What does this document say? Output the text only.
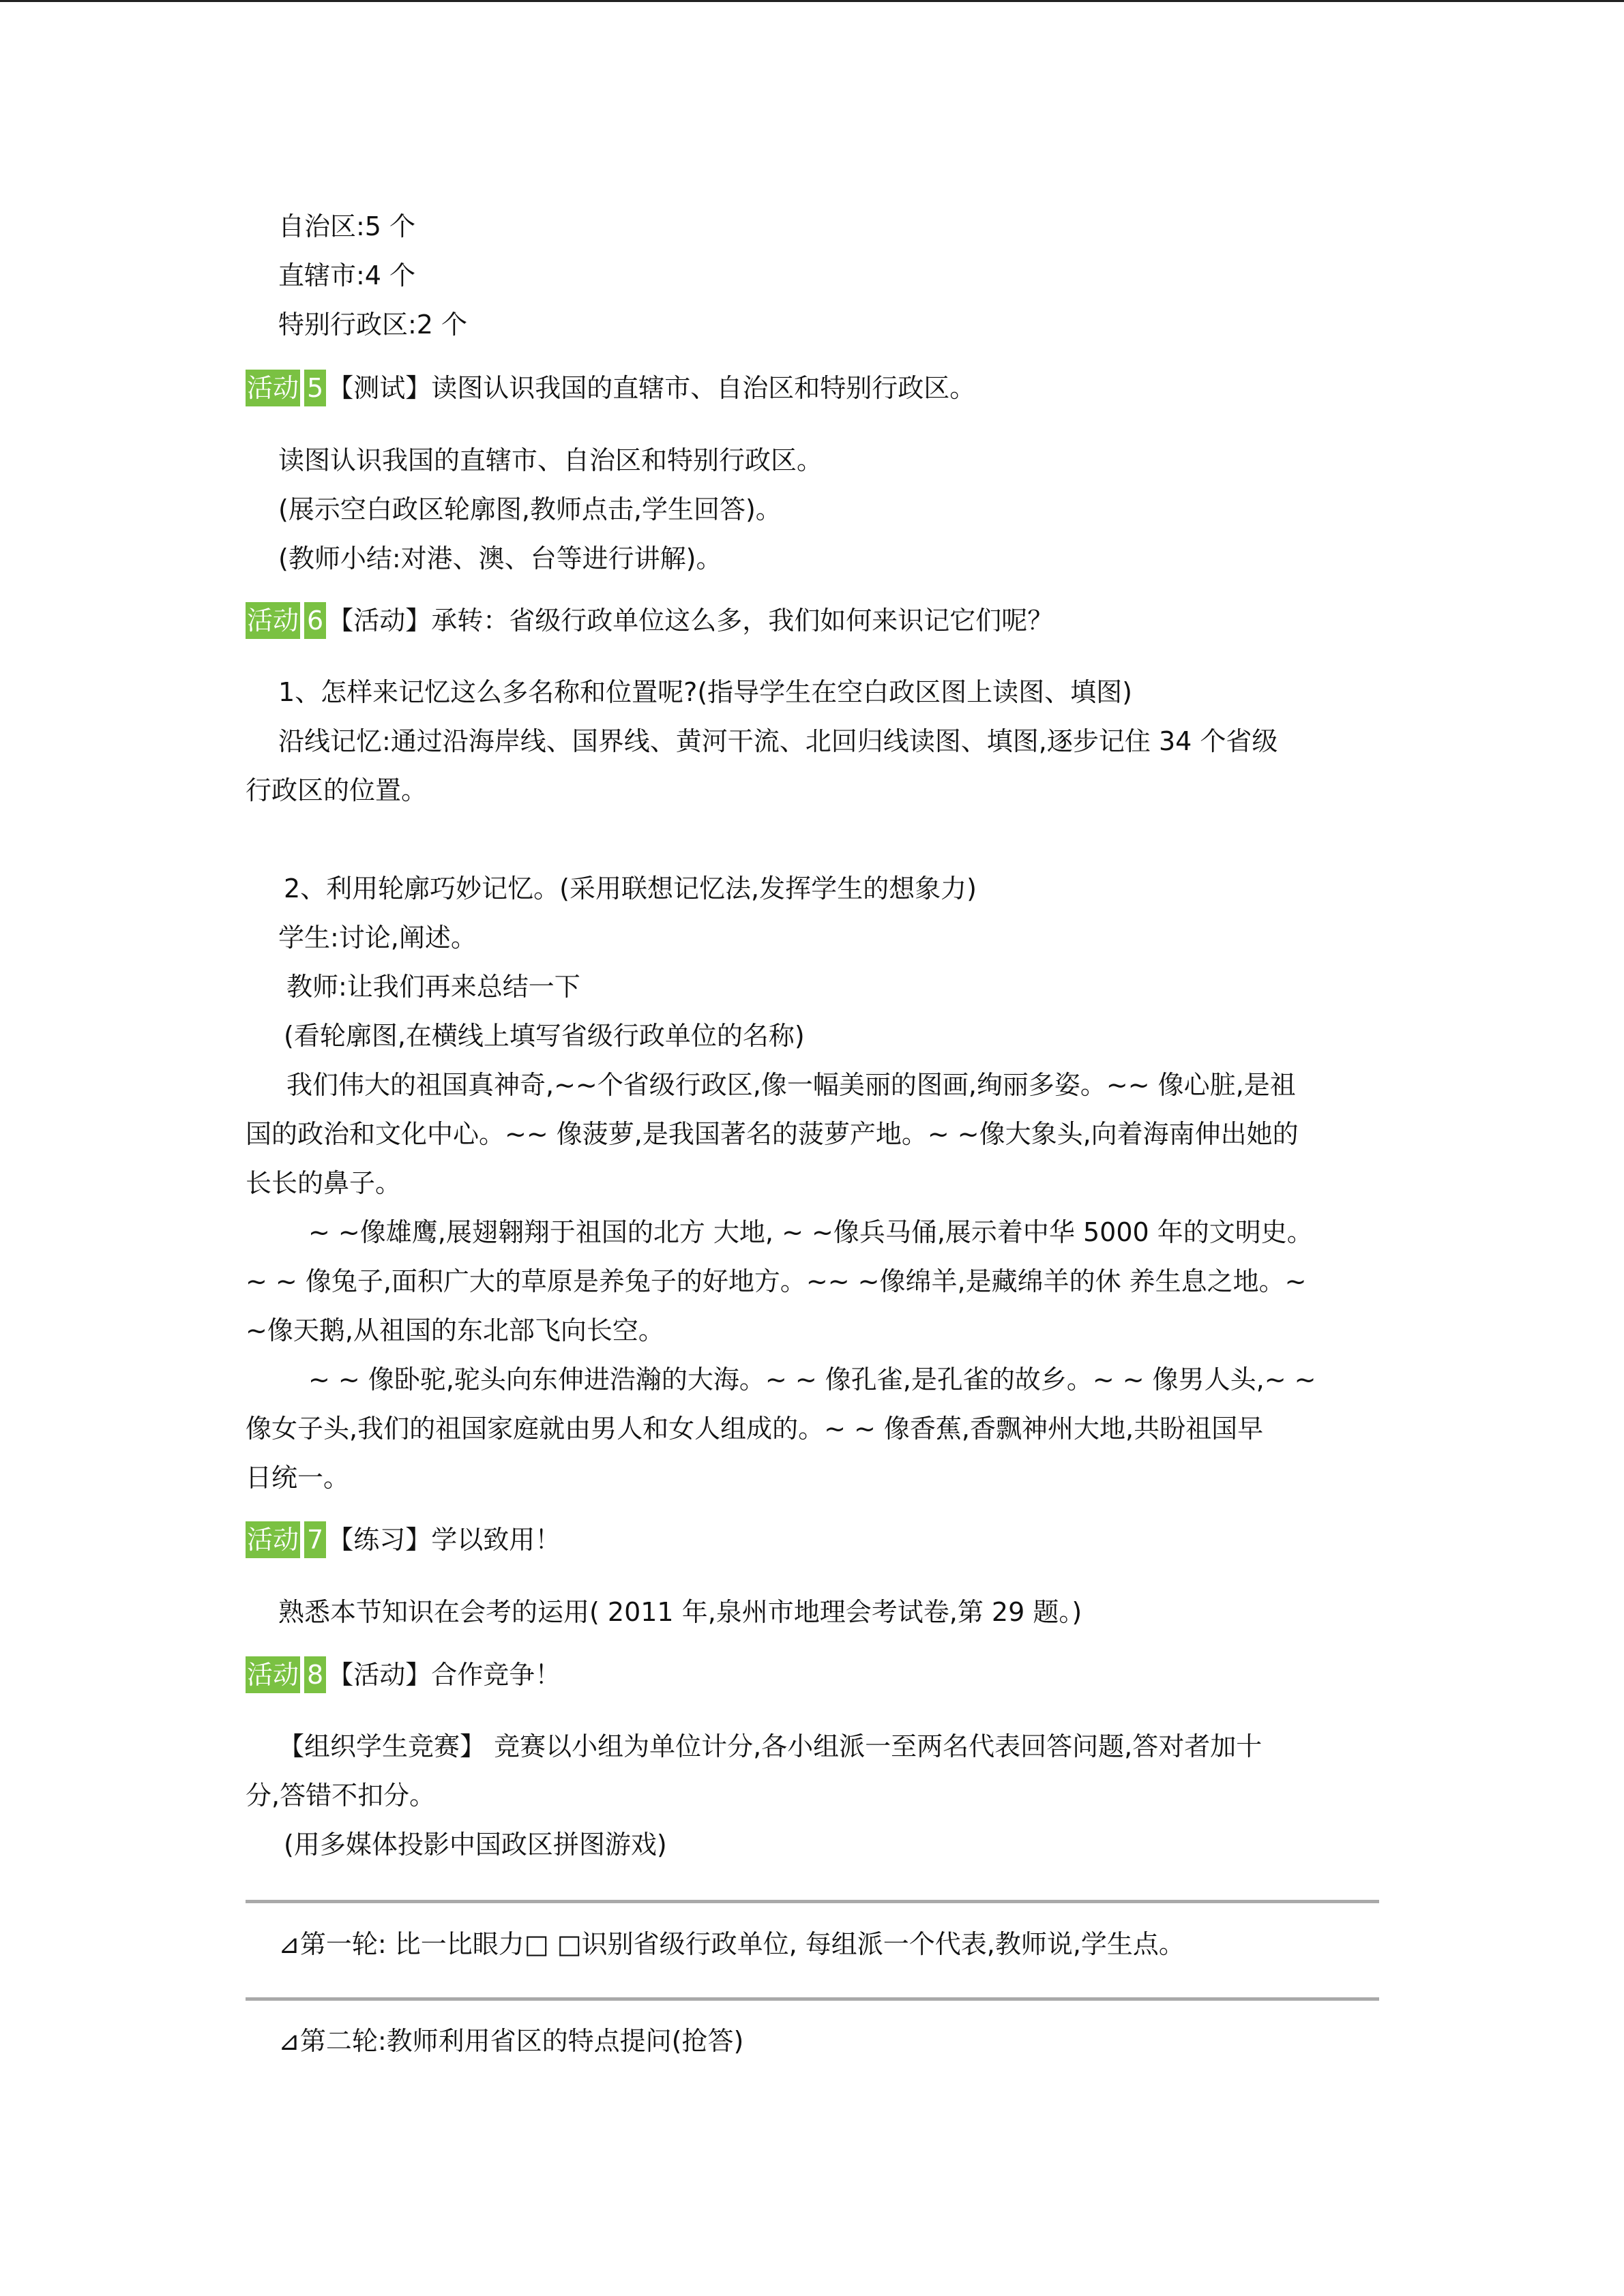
自治区:5 个
直辖市:4 个
特别行政区:2 个
活动 5 【测试】读图认识我国的直辖市、自治区和特别行政区。
读图认识我国的直辖市、自治区和特别行政区。
(展示空白政区轮廓图,教师点击,学生回答)。
(教师小结:对港、澳、台等进行讲解)。
活动 6 【活动】承转：省级行政单位这么多，我们如何来识记它们呢？
1、怎样来记忆这么多名称和位置呢?(指导学生在空白政区图上读图、填图)
沿线记忆:通过沿海岸线、国界线、黄河干流、北回归线读图、填图,逐步记住 34 个省级
行政区的位置。
2、利用轮廓巧妙记忆。(采用联想记忆法,发挥学生的想象力)
学生:讨论,阐述。
教师:让我们再来总结一下
(看轮廓图,在横线上填写省级行政单位的名称)
我们伟大的祖国真神奇,~~个省级行政区,像一幅美丽的图画,绚丽多姿。~~ 像心脏,是祖
国的政治和文化中心。~~ 像菠萝,是我国著名的菠萝产地。~ ~像大象头,向着海南伸出她的
长长的鼻子。
~ ~像雄鹰,展翅翱翔于祖国的北方 大地, ~ ~像兵马俑,展示着中华 5000 年的文明史。
~ ~ 像兔子,面积广大的草原是养兔子的好地方。~~ ~像绵羊,是藏绵羊的休 养生息之地。~
~像天鹅,从祖国的东北部飞向长空。
~ ~ 像卧驼,驼头向东伸进浩瀚的大海。~ ~ 像孔雀,是孔雀的故乡。~ ~ 像男人头,~ ~
像女子头,我们的祖国家庭就由男人和女人组成的。~ ~ 像香蕉,香飘神州大地,共盼祖国早
日统一。
活动 7 【练习】学以致用！
熟悉本节知识在会考的运用( 2011 年,泉州市地理会考试卷,第 29 题。)
活动 8 【活动】合作竞争！
【组织学生竞赛】 竞赛以小组为单位计分,各小组派一至两名代表回答问题,答对者加十
分,答错不扣分。
(用多媒体投影中国政区拼图游戏)
⊿第一轮: 比一比眼力□ □识别省级行政单位, 每组派一个代表,教师说,学生点。
⊿第二轮:教师利用省区的特点提问(抢答)
